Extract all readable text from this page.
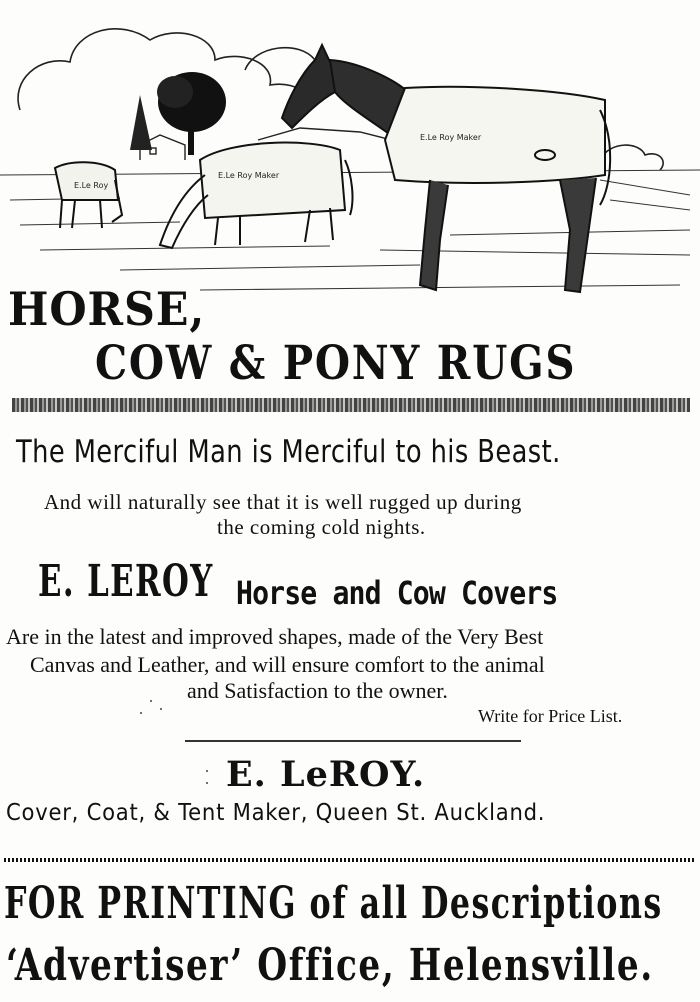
E.Le Roy
E.Le Roy Maker
E.Le Roy Maker
HORSE,
COW & PONY RUGS
The Merciful Man is Merciful to his Beast.
And will naturally see that it is well rugged up during
the coming cold nights.
E. LEROY Horse and Cow Covers
Are in the latest and improved shapes, made of the Very Best
Canvas and Leather, and will ensure comfort to the animal
and Satisfaction to the owner.
Write for Price List.
E. LeROY.
Cover, Coat, & Tent Maker, Queen St. Auckland.
FOR PRINTING of all Descriptions
‘Advertiser’ Office, Helensville.
